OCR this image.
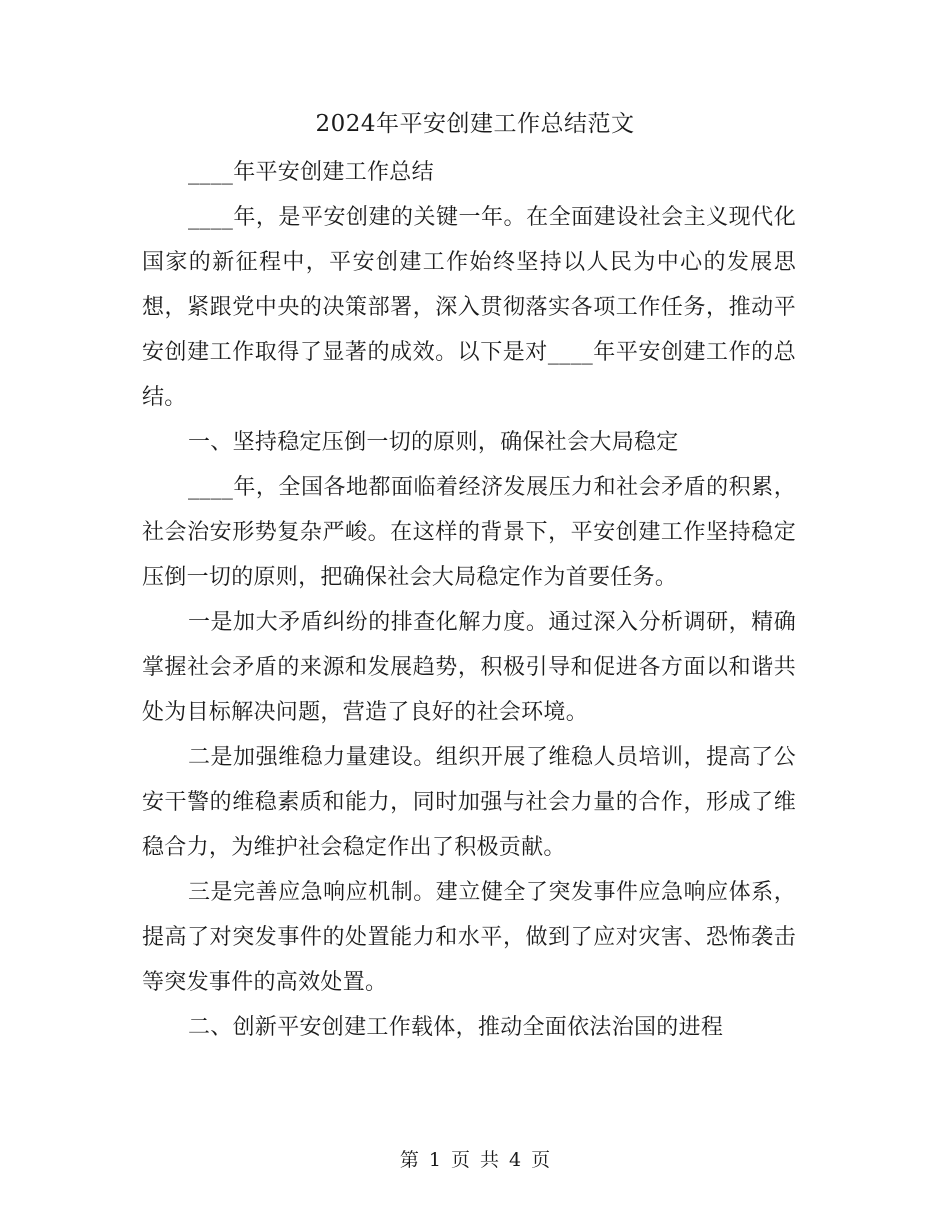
2024年平安创建工作总结范文

____年平安创建工作总结

____年，是平安创建的关键一年。在全面建设社会主义现代化国家的新征程中，平安创建工作始终坚持以人民为中心的发展思想，紧跟党中央的决策部署，深入贯彻落实各项工作任务，推动平安创建工作取得了显著的成效。以下是对____年平安创建工作的总结。

一、坚持稳定压倒一切的原则，确保社会大局稳定

____年，全国各地都面临着经济发展压力和社会矛盾的积累，社会治安形势复杂严峻。在这样的背景下，平安创建工作坚持稳定压倒一切的原则，把确保社会大局稳定作为首要任务。

一是加大矛盾纠纷的排查化解力度。通过深入分析调研，精确掌握社会矛盾的来源和发展趋势，积极引导和促进各方面以和谐共处为目标解决问题，营造了良好的社会环境。

二是加强维稳力量建设。组织开展了维稳人员培训，提高了公安干警的维稳素质和能力，同时加强与社会力量的合作，形成了维稳合力，为维护社会稳定作出了积极贡献。

三是完善应急响应机制。建立健全了突发事件应急响应体系，提高了对突发事件的处置能力和水平，做到了应对灾害、恐怖袭击等突发事件的高效处置。

二、创新平安创建工作载体，推动全面依法治国的进程

第 1 页 共 4 页
